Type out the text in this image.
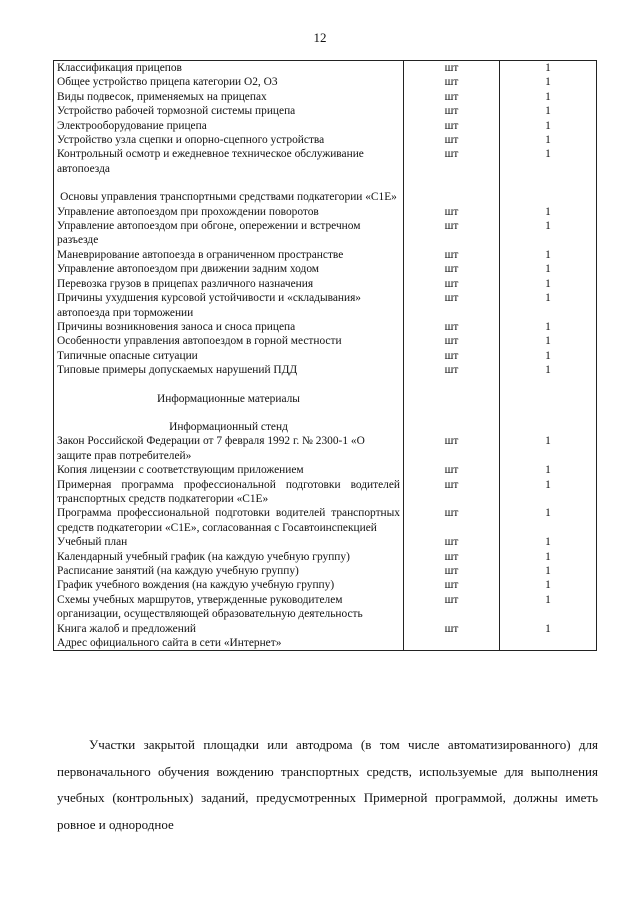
12
Классификация прицепов	шт	1
Общее устройство прицепа категории О2, О3	шт	1
Виды подвесок, применяемых на прицепах	шт	1
Устройство рабочей тормозной системы прицепа	шт	1
Электрооборудование прицепа	шт	1
Устройство узла сцепки и опорно-сцепного устройства	шт	1
Контрольный осмотр и ежедневное техническое обслуживание автопоезда	шт	1

Основы управления транспортными средствами подкатегории «С1Е»		
Управление автопоездом при прохождении поворотов	шт	1
Управление автопоездом при обгоне, опережении и встречном разъезде	шт	1
Маневрирование автопоезда в ограниченном пространстве	шт	1
Управление автопоездом при движении задним ходом	шт	1
Перевозка грузов в прицепах различного назначения	шт	1
Причины ухудшения курсовой устойчивости и «складывания» автопоезда при торможении	шт	1
Причины возникновения заноса и сноса прицепа	шт	1
Особенности управления автопоездом в горной местности	шт	1
Типичные опасные ситуации	шт	1
Типовые примеры допускаемых нарушений ПДД	шт	1

Информационные материалы		

Информационный стенд		
Закон Российской Федерации от 7 февраля 1992 г. № 2300-1 «О защите прав потребителей»	шт	1
Копия лицензии с соответствующим приложением	шт	1
Примерная программа профессиональной подготовки водителей транспортных средств подкатегории «С1Е»	шт	1
Программа профессиональной подготовки водителей транспортных средств подкатегории «С1Е», согласованная с Госавтоинспекцией	шт	1
Учебный план	шт	1
Календарный учебный график (на каждую учебную группу)	шт	1
Расписание занятий (на каждую учебную группу)	шт	1
График учебного вождения (на каждую учебную группу)	шт	1
Схемы учебных маршрутов, утвержденные руководителем организации, осуществляющей образовательную деятельность	шт	1
Книга жалоб и предложений	шт	1
Адрес официального сайта в сети «Интернет»		
Участки закрытой площадки или автодрома (в том числе автоматизированного) для первоначального обучения вождению транспортных средств, используемые для выполнения учебных (контрольных) заданий, предусмотренных Примерной программой, должны иметь ровное и однородное
